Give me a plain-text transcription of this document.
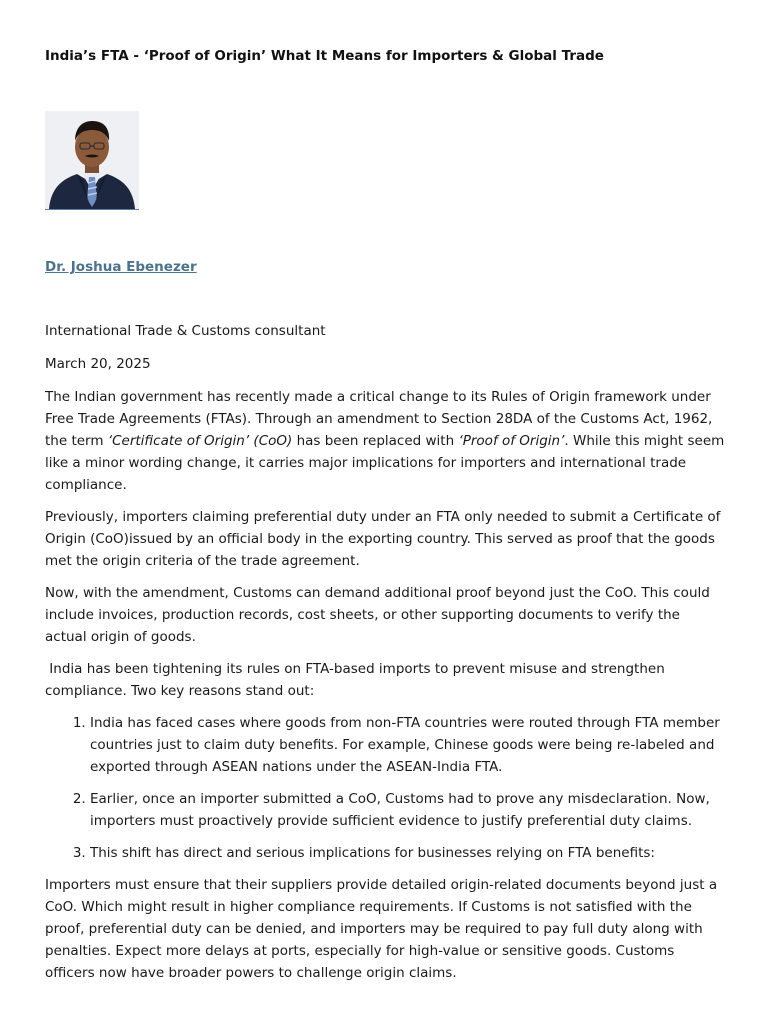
India’s FTA - ‘Proof of Origin’ What It Means for Importers & Global Trade
Dr. Joshua Ebenezer

International Trade & Customs consultant

March 20, 2025

The Indian government has recently made a critical change to its Rules of Origin framework under Free Trade Agreements (FTAs). Through an amendment to Section 28DA of the Customs Act, 1962, the term ‘Certificate of Origin’ (CoO) has been replaced with ‘Proof of Origin’. While this might seem like a minor wording change, it carries major implications for importers and international trade compliance.

Previously, importers claiming preferential duty under an FTA only needed to submit a Certificate of Origin (CoO)issued by an official body in the exporting country. This served as proof that the goods met the origin criteria of the trade agreement.

Now, with the amendment, Customs can demand additional proof beyond just the CoO. This could include invoices, production records, cost sheets, or other supporting documents to verify the actual origin of goods.

India has been tightening its rules on FTA-based imports to prevent misuse and strengthen compliance. Two key reasons stand out:

1. India has faced cases where goods from non-FTA countries were routed through FTA member countries just to claim duty benefits. For example, Chinese goods were being re-labeled and exported through ASEAN nations under the ASEAN-India FTA.
2. Earlier, once an importer submitted a CoO, Customs had to prove any misdeclaration. Now, importers must proactively provide sufficient evidence to justify preferential duty claims.
3. This shift has direct and serious implications for businesses relying on FTA benefits:

Importers must ensure that their suppliers provide detailed origin-related documents beyond just a CoO. Which might result in higher compliance requirements. If Customs is not satisfied with the proof, preferential duty can be denied, and importers may be required to pay full duty along with penalties. Expect more delays at ports, especially for high-value or sensitive goods. Customs officers now have broader powers to challenge origin claims.
